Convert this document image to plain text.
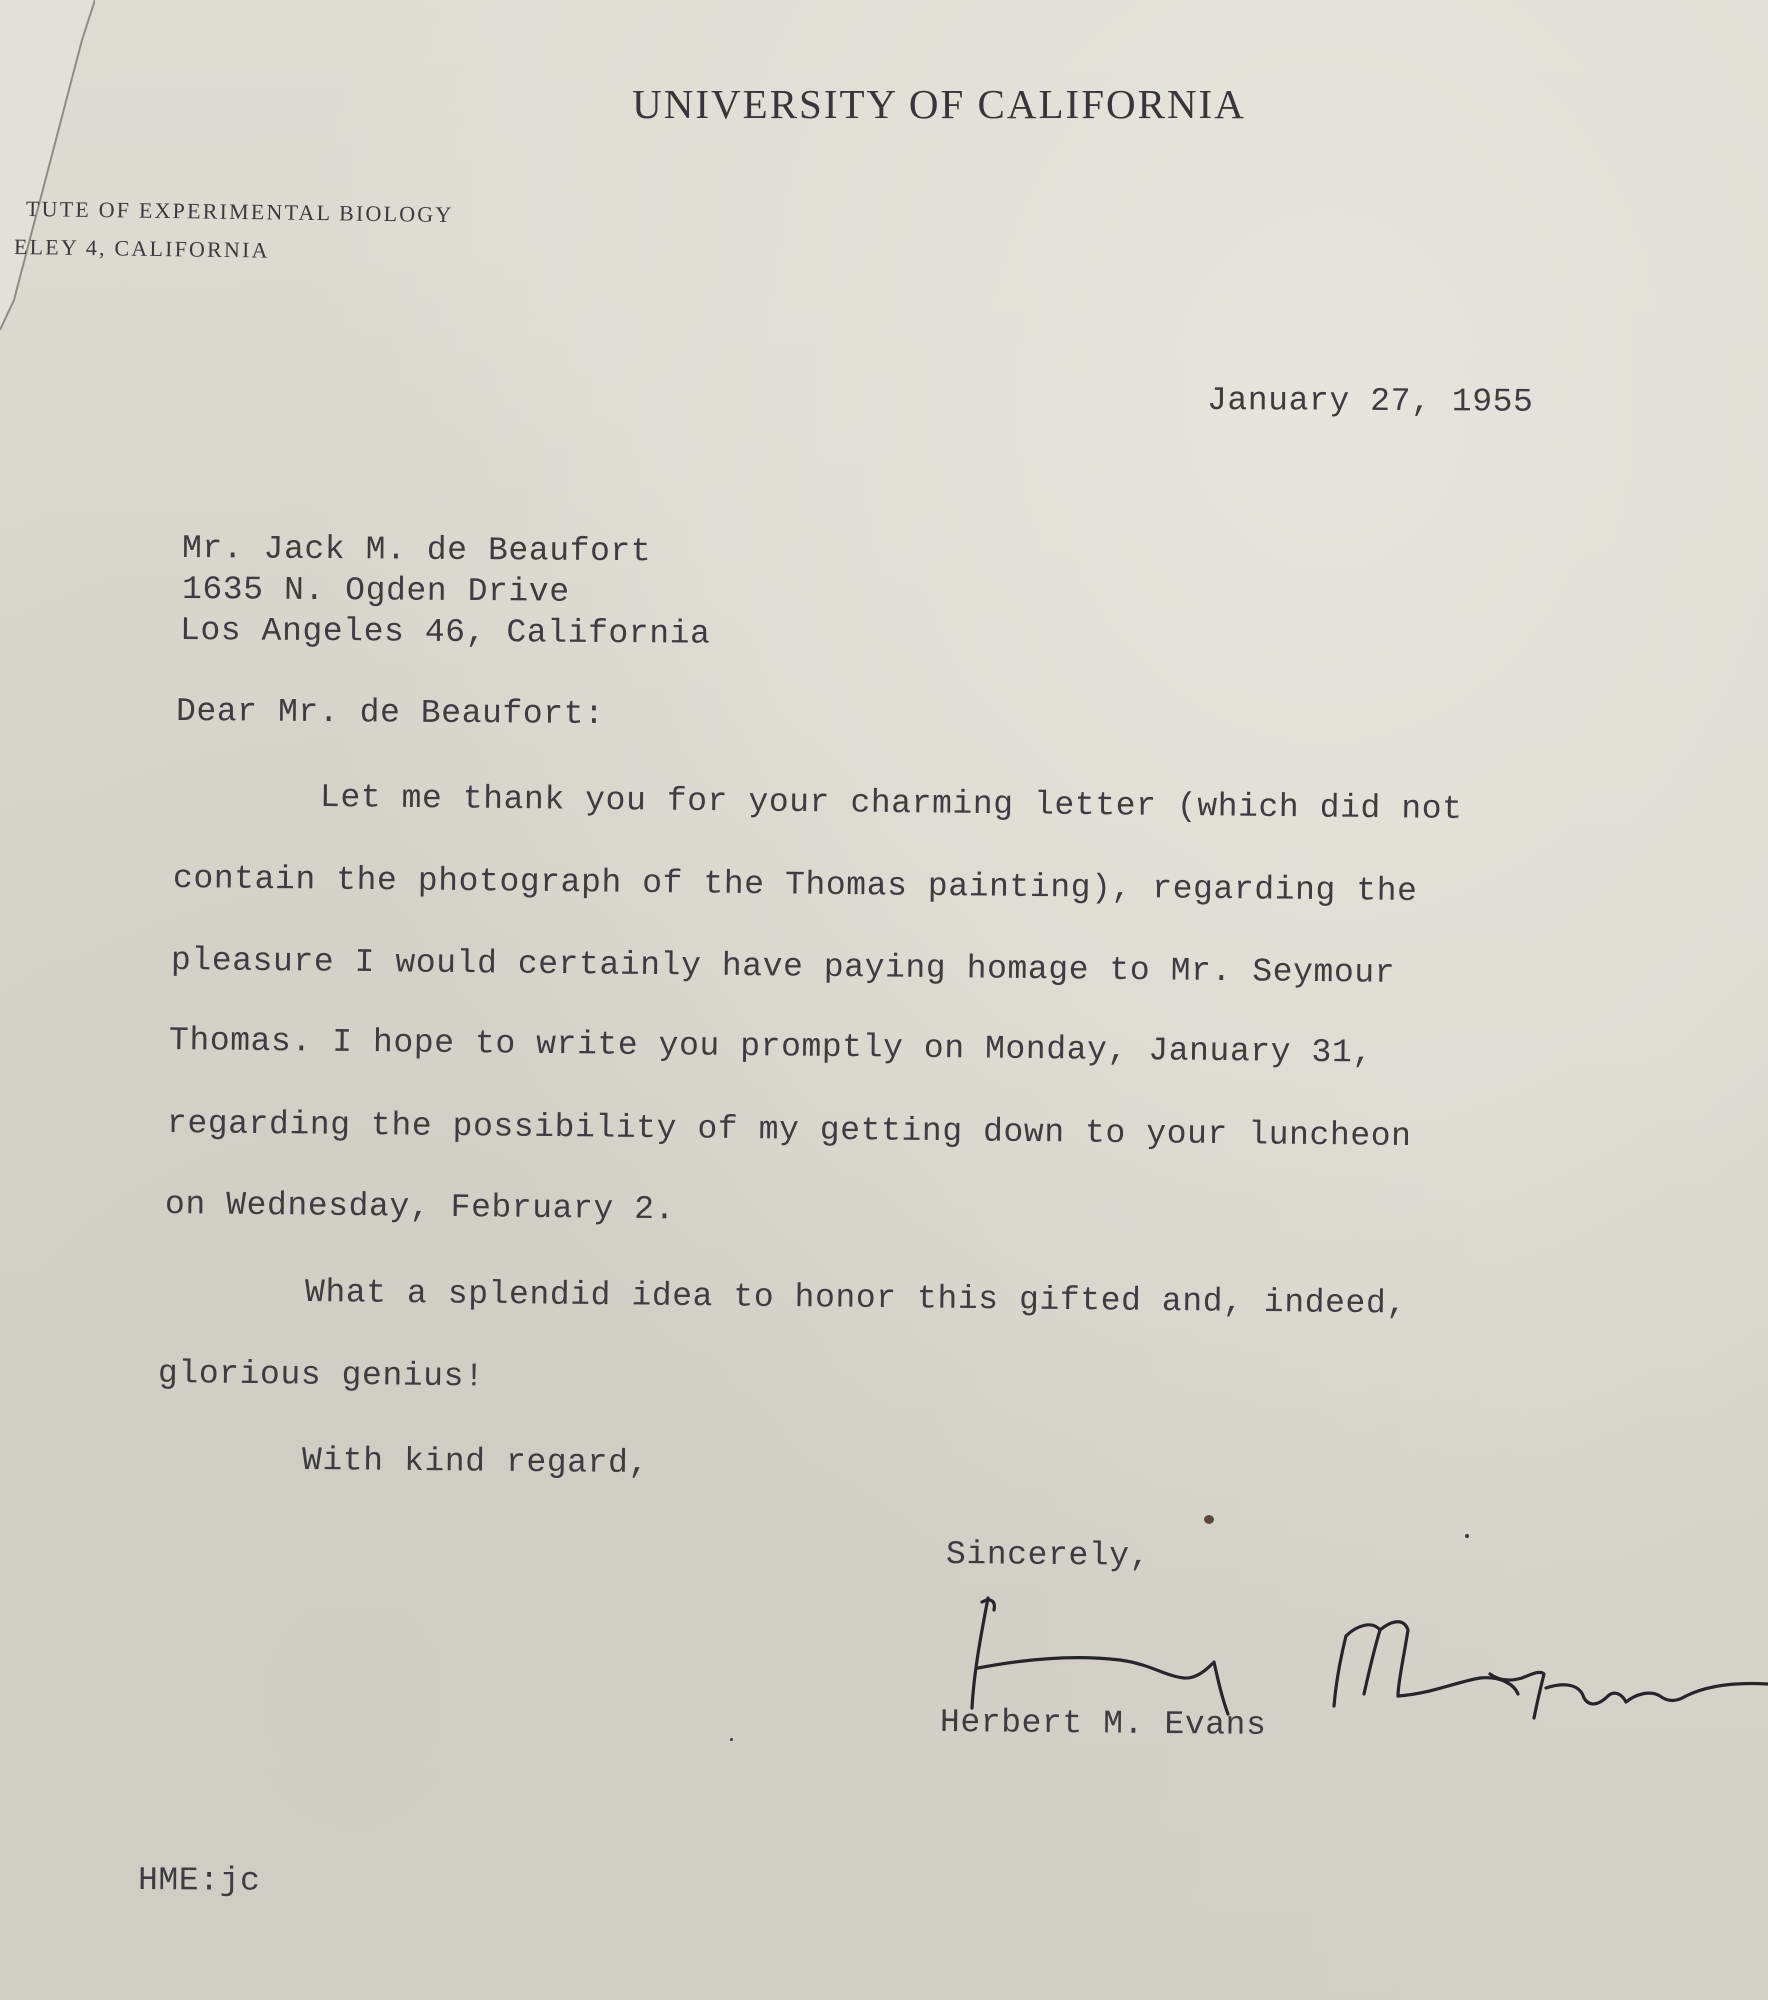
UNIVERSITY OF CALIFORNIA
TUTE OF EXPERIMENTAL BIOLOGY
ELEY 4, CALIFORNIA
January 27, 1955
Mr. Jack M. de Beaufort
1635 N. Ogden Drive
Los Angeles 46, California
Dear Mr. de Beaufort:
Let me thank you for your charming letter (which did not
contain the photograph of the Thomas painting), regarding the
pleasure I would certainly have paying homage to Mr. Seymour
Thomas. I hope to write you promptly on Monday, January 31,
regarding the possibility of my getting down to your luncheon
on Wednesday, February 2.
What a splendid idea to honor this gifted and, indeed,
glorious genius!
With kind regard,
Sincerely,
Herbert M. Evans
HME:jc
